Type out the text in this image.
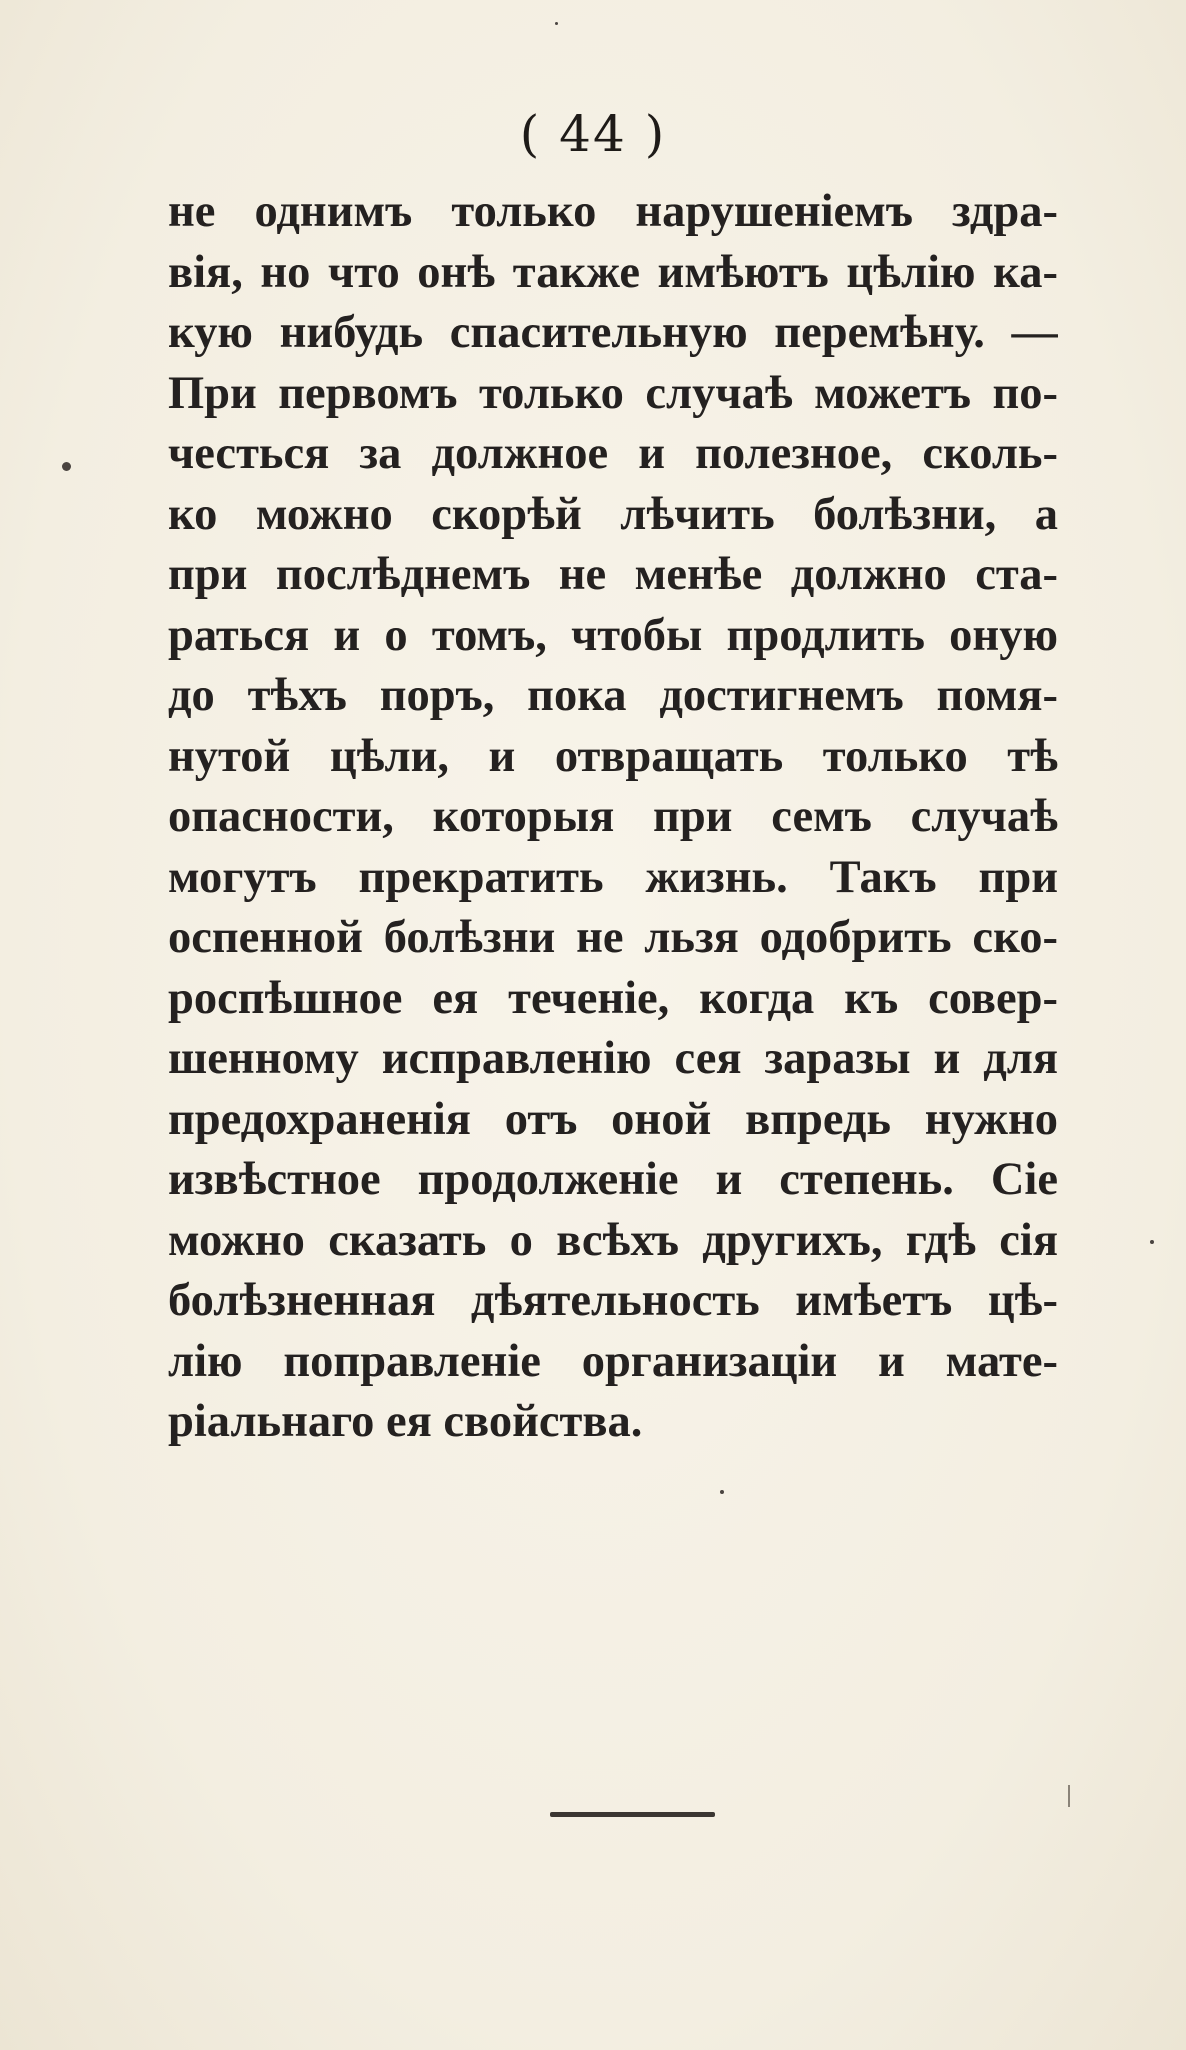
( 44 )
не однимъ только нарушенiемъ здра-
вiя, но что онѣ также имѣютъ цѣлiю ка-
кую нибудь спасительную перемѣну. —
При первомъ только случаѣ можетъ по-
честься за должное и полезное, сколь-
ко можно скорѣй лѣчить болѣзни, а
при послѣднемъ не менѣе должно ста-
раться и о томъ, чтобы продлить оную
до тѣхъ поръ, пока достигнемъ помя-
нутой цѣли, и отвращать только тѣ
опасности, которыя при семъ случаѣ
могутъ прекратить жизнь. Такъ при
оспенной болѣзни не льзя одобрить ско-
роспѣшное ея теченiе, когда къ совер-
шенному исправленiю сея заразы и для
предохраненiя отъ оной впредь нужно
извѣстное продолженiе и степень. Сiе
можно сказать о всѣхъ другихъ, гдѣ сiя
болѣзненная дѣятельность имѣетъ цѣ-
лiю поправленiе организацiи и мате-
рiальнаго ея свойства.
